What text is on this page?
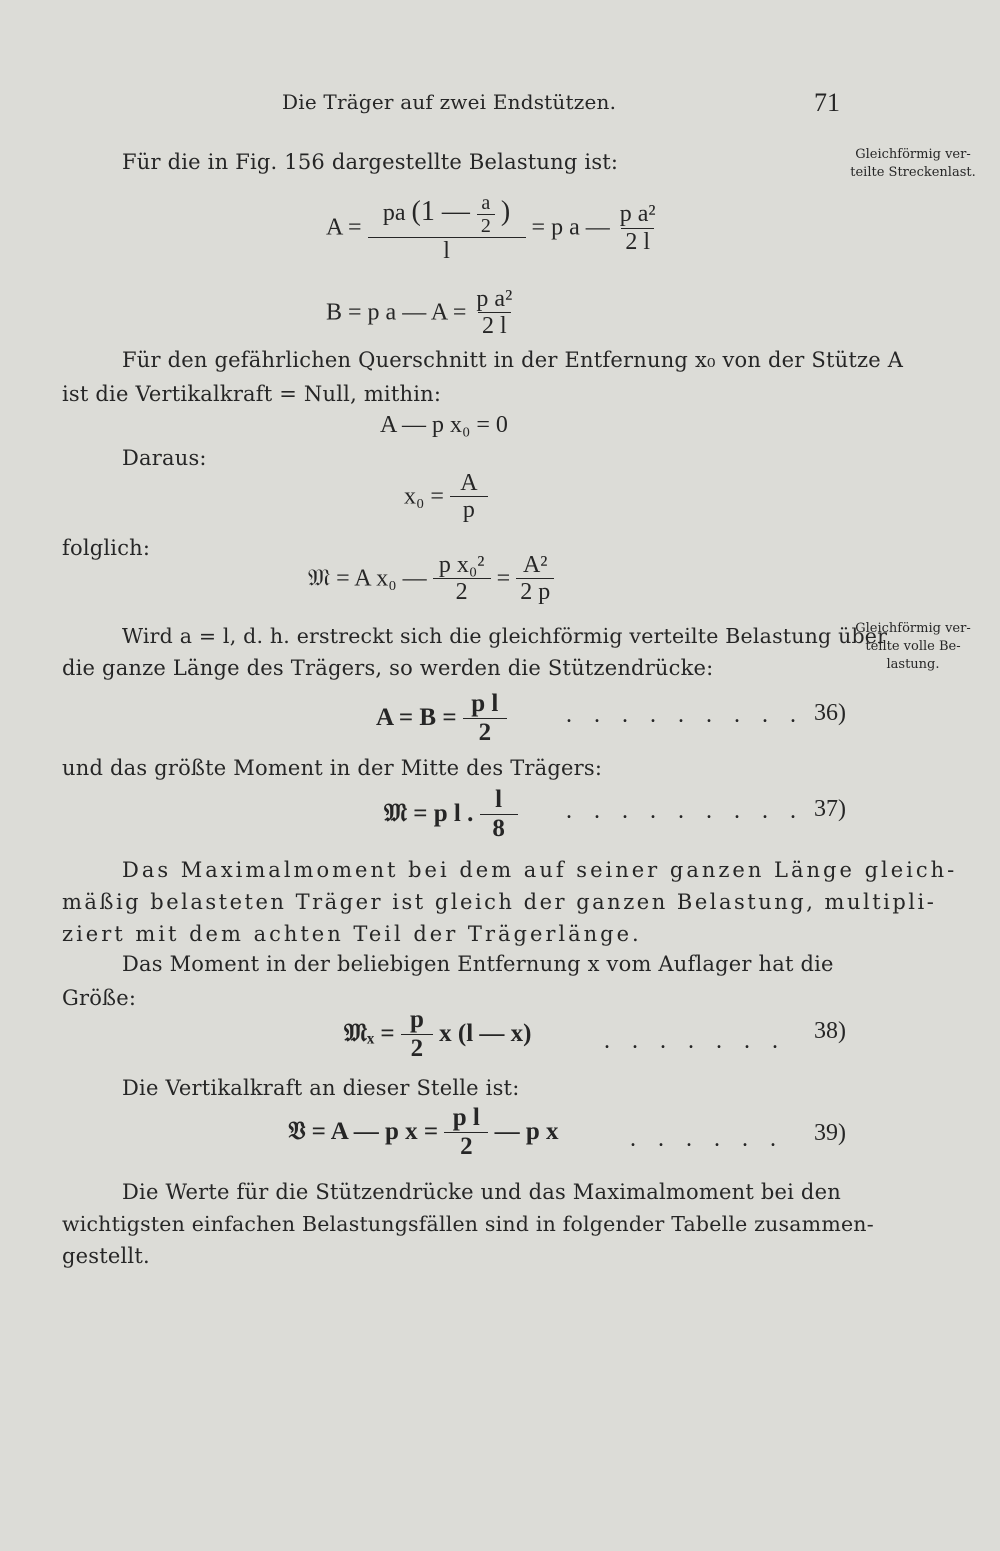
Die Träger auf zwei Endstützen.	71
Gleichförmig ver-
teilte Streckenlast.
Gleichförmig ver-
teilte volle Be-
lastung.
Für die in Fig. 156 dargestellte Belastung ist:
A =
pa (1 — $\frac{a}{2}$ )
l
= p a — $\frac{\text{p a²}}{2 l}$
B = p a — $A = \frac{\text{p a²}}{2 l}$
Für den gefährlichen Querschnitt in der Entfernung x₀ von der Stütze A
ist die Vertikalkraft = Null, mithin:
A — p x₀ = 0
Daraus:
$x_0 = \frac{A}{p}$
folglich:
𝔐 = A x₀ — $\frac{\text{p x₀²}}{2} = \frac{\text{A²}}{2 p}$
Wird a = l, d. h. erstreckt sich die gleichförmig verteilte Belastung über
die ganze Länge des Trägers, so werden die Stützendrücke:
$A = B = \frac{\text{p l}}{2}$ . . . . . . . . . 36)
und das größte Moment in der Mitte des Trägers:
𝔐 = p l . $\frac{l}{8}$ . . . . . . . . . 37)
Das Maximalmoment bei dem auf seiner ganzen Länge gleich-
mäßig belasteten Träger ist gleich der ganzen Belastung, multipli-
ziert mit dem achten Teil der Trägerlänge.
Das Moment in der beliebigen Entfernung x vom Auflager hat die
Größe:
𝔐ₓ = $\frac{p}{2}$ x (l — x)	. . . . . . . 38)
Die Vertikalkraft an dieser Stelle ist:
𝔙 = A — p $x = \frac{\text{p l}}{2}$ — p x	. . . . . . 39)
Die Werte für die Stützendrücke und das Maximalmoment bei den
wichtigsten einfachen Belastungsfällen sind in folgender Tabelle zusammen-
gestellt.
